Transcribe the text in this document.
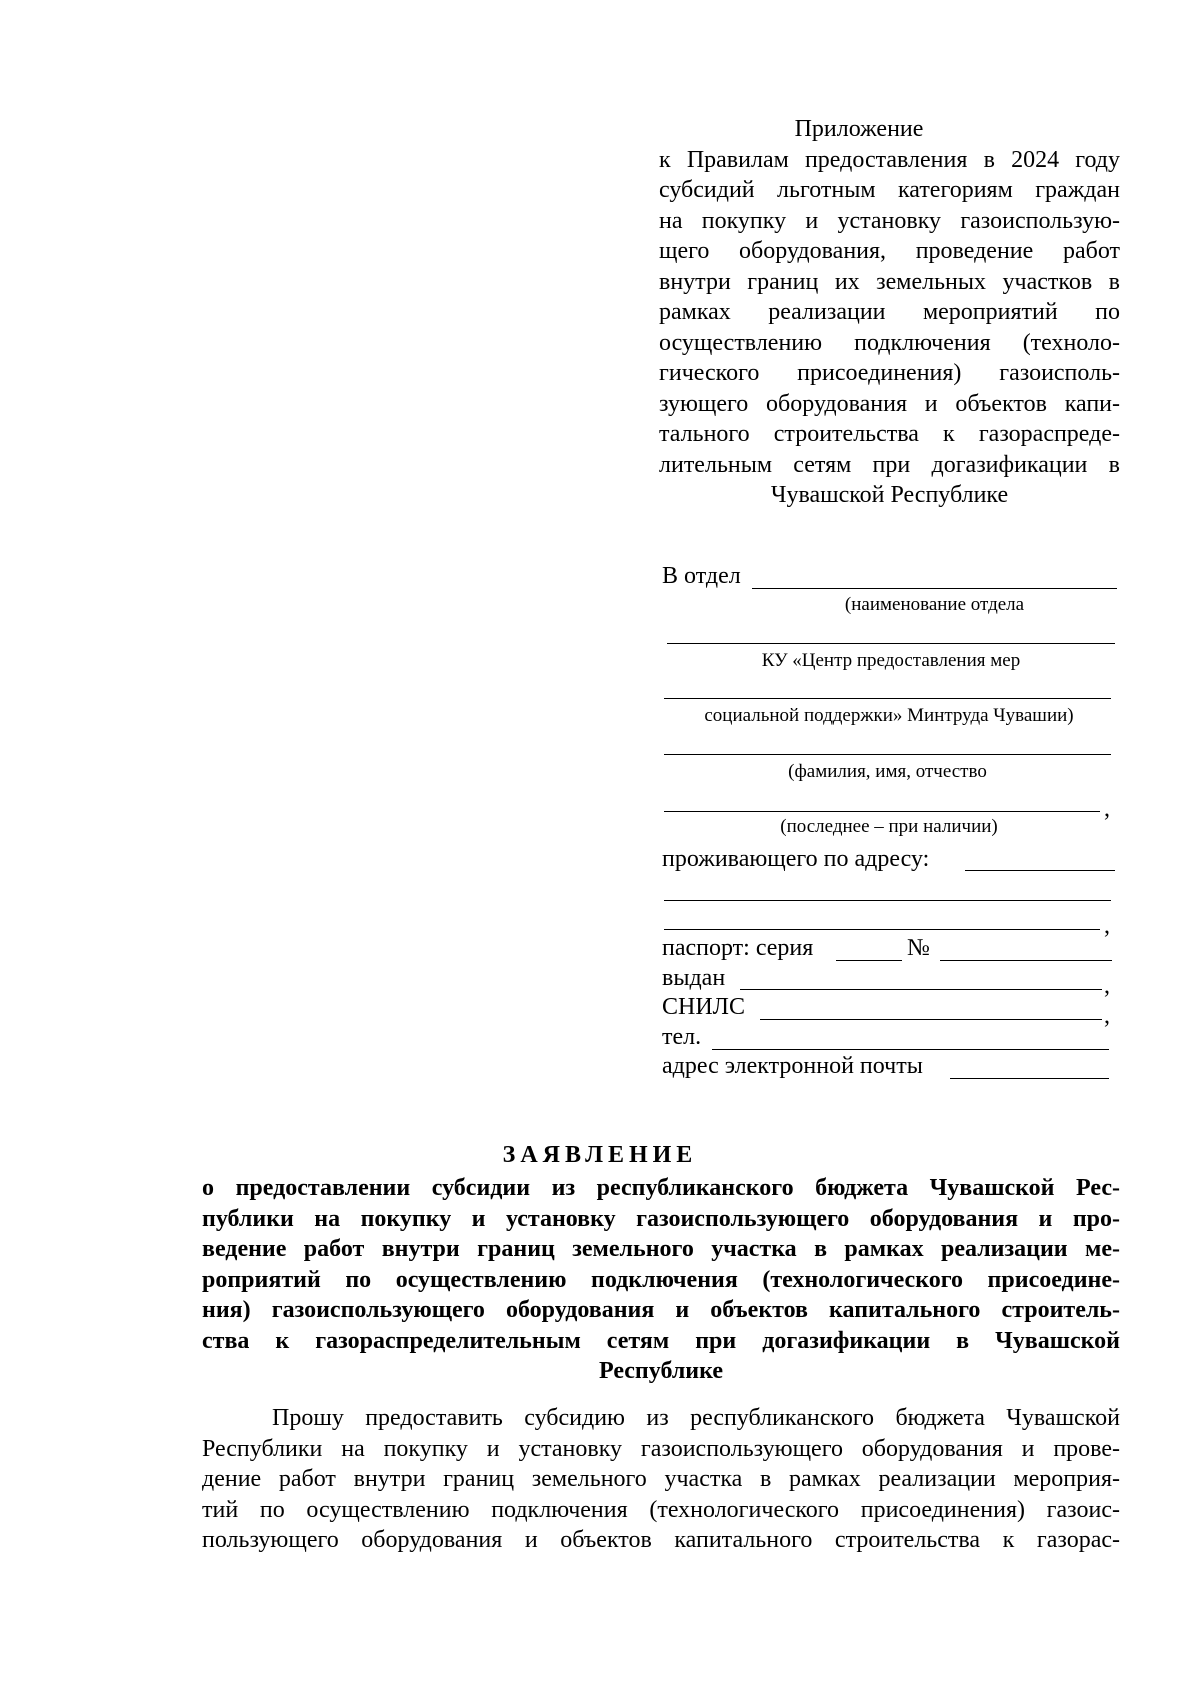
Приложение
к Правилам предоставления в 2024 году
субсидий льготным категориям граждан
на покупку и установку газоиспользую-
щего оборудования, проведение работ
внутри границ их земельных участков в
рамках реализации мероприятий по
осуществлению подключения (техноло-
гического присоединения) газоисполь-
зующего оборудования и объектов капи-
тального строительства к газораспреде-
лительным сетям при догазификации в
Чувашской Республике
В отдел
(наименование отдела
КУ «Центр предоставления мер
социальной поддержки» Минтруда Чувашии)
(фамилия, имя, отчество
,
(последнее – при наличии)
проживающего по адресу:
,
паспорт: серия	№
выдан	,
СНИЛС	,
тел.
адрес электронной почты
ЗАЯВЛЕНИЕ
о предоставлении субсидии из республиканского бюджета Чувашской Рес-
публики на покупку и установку газоиспользующего оборудования и про-
ведение работ внутри границ земельного участка в рамках реализации ме-
роприятий по осуществлению подключения (технологического присоедине-
ния) газоиспользующего оборудования и объектов капитального строитель-
ства к газораспределительным сетям при догазификации в Чувашской
Республике
Прошу предоставить субсидию из республиканского бюджета Чувашской
Республики на покупку и установку газоиспользующего оборудования и прове-
дение работ внутри границ земельного участка в рамках реализации мероприя-
тий по осуществлению подключения (технологического присоединения) газоис-
пользующего оборудования и объектов капитального строительства к газорас-
